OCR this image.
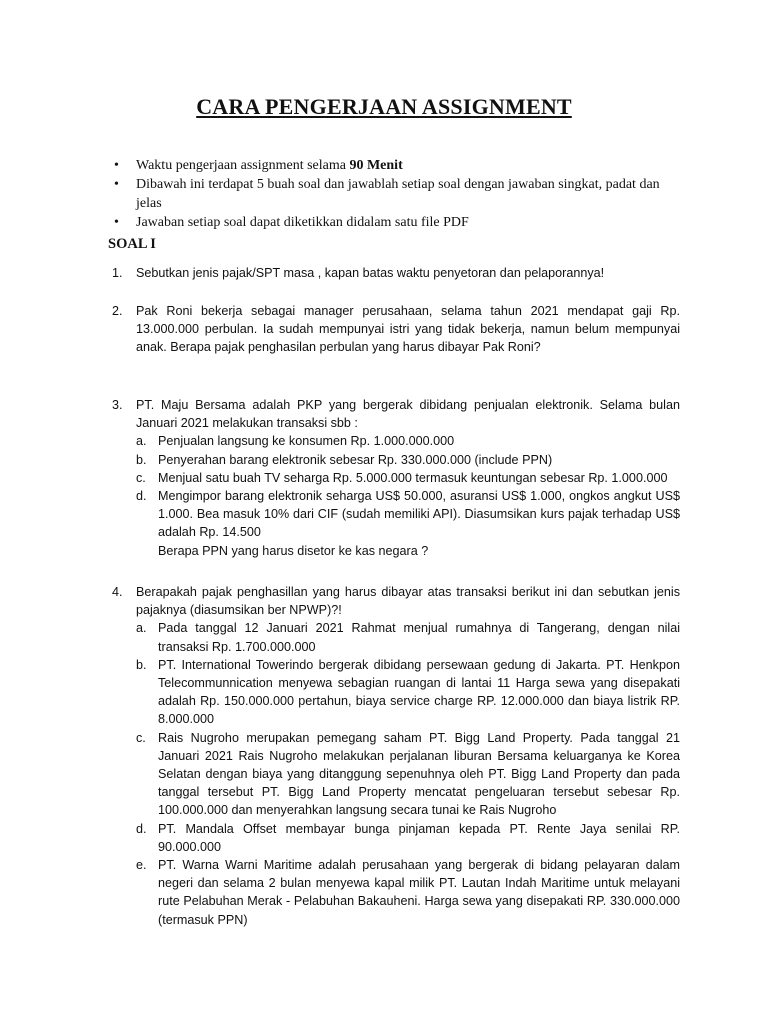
CARA PENGERJAAN ASSIGNMENT
• Waktu pengerjaan assignment selama 90 Menit
• Dibawah ini terdapat 5 buah soal dan jawablah setiap soal dengan jawaban singkat, padat dan jelas
• Jawaban setiap soal dapat diketikkan didalam satu file PDF
SOAL I
1. Sebutkan jenis pajak/SPT masa , kapan batas waktu penyetoran dan pelaporannya!
2. Pak Roni bekerja sebagai manager perusahaan, selama tahun 2021 mendapat gaji Rp. 13.000.000 perbulan. Ia sudah mempunyai istri yang tidak bekerja, namun belum mempunyai anak. Berapa pajak penghasilan perbulan yang harus dibayar Pak Roni?
3. PT. Maju Bersama adalah PKP yang bergerak dibidang penjualan elektronik. Selama bulan Januari 2021 melakukan transaksi sbb :
a. Penjualan langsung ke konsumen Rp. 1.000.000.000
b. Penyerahan barang elektronik sebesar Rp. 330.000.000 (include PPN)
c. Menjual satu buah TV seharga Rp. 5.000.000 termasuk keuntungan sebesar Rp. 1.000.000
d. Mengimpor barang elektronik seharga US$ 50.000, asuransi US$ 1.000, ongkos angkut US$ 1.000. Bea masuk 10% dari CIF (sudah memiliki API). Diasumsikan kurs pajak terhadap US$ adalah Rp. 14.500
Berapa PPN yang harus disetor ke kas negara ?
4. Berapakah pajak penghasillan yang harus dibayar atas transaksi berikut ini dan sebutkan jenis pajaknya (diasumsikan ber NPWP)?!
a. Pada tanggal 12 Januari 2021 Rahmat menjual rumahnya di Tangerang, dengan nilai transaksi Rp. 1.700.000.000
b. PT. International Towerindo bergerak dibidang persewaan gedung di Jakarta. PT. Henkpon Telecommunnication menyewa sebagian ruangan di lantai 11 Harga sewa yang disepakati adalah Rp. 150.000.000 pertahun, biaya service charge RP. 12.000.000 dan biaya listrik RP. 8.000.000
c. Rais Nugroho merupakan pemegang saham PT. Bigg Land Property. Pada tanggal 21 Januari 2021 Rais Nugroho melakukan perjalanan liburan Bersama keluarganya ke Korea Selatan dengan biaya yang ditanggung sepenuhnya oleh PT. Bigg Land Property dan pada tanggal tersebut PT. Bigg Land Property mencatat pengeluaran tersebut sebesar Rp. 100.000.000 dan menyerahkan langsung secara tunai ke Rais Nugroho
d. PT. Mandala Offset membayar bunga pinjaman kepada PT. Rente Jaya senilai RP. 90.000.000
e. PT. Warna Warni Maritime adalah perusahaan yang bergerak di bidang pelayaran dalam negeri dan selama 2 bulan menyewa kapal milik PT. Lautan Indah Maritime untuk melayani rute Pelabuhan Merak - Pelabuhan Bakauheni. Harga sewa yang disepakati RP. 330.000.000 (termasuk PPN)
